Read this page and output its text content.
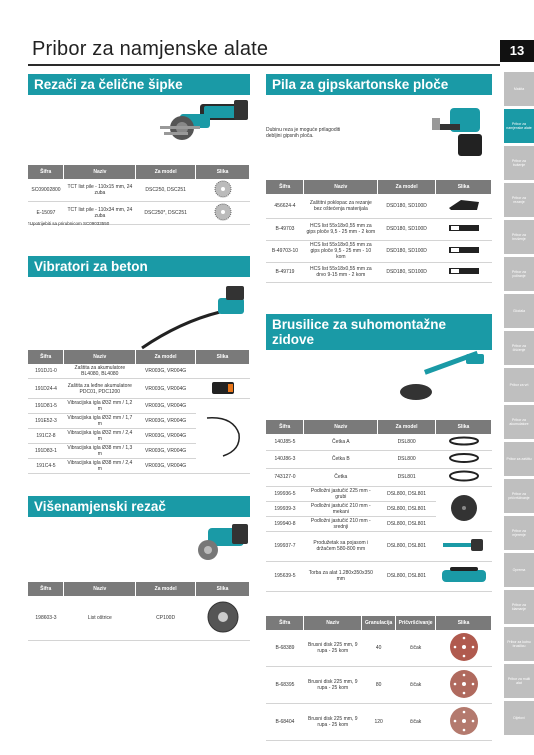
Pribor za namjenske alate	13
Rezači za čelične šipke
Šifra	Naziv	Za model	Slika
SC09002800	TCT list pile - 110x15 mm, 24 zuba	DSC250, DSC251	
E-15097	TCT list pile - 110x34 mm, 24 zuba	DSC250*, DSC251	
*Upotrijebiti sa prirubnicom SC09033550
Vibratori za beton
Šifra	Naziv	Za model	Slika
191DJ1-0	Zaštita za akumulatore BL4080, BL4080	VR003G, VR004G	
191D24-4	Zaštita za leđne akumulatore PDC01, PDC1200	VR003G, VR004G	
191D81-5	Vibracijska igla Ø32 mm / 1,2 m	VR003G, VR004G	
191E52-3	Vibracijska igla Ø32 mm / 1,7 m	VR003G, VR004G	
191C2-8	Vibracijska igla Ø32 mm / 2,4 m	VR003G, VR004G	
191D83-1	Vibracijska igla Ø38 mm / 1,3 m	VR003G, VR004G	
191C4-5	Vibracijska igla Ø38 mm / 2,4 m	VR003G, VR004G	
Višenamjenski rezač
Šifra	Naziv	Za model	Slika
198603-3	List oštrice	CP100D	
Pila za gipskartonske ploče
Dubinu reza je moguće prilagoditi debljini gipsnih ploča.
Šifra	Naziv	Za model	Slika
456624-4	Zaštitni poklopac za rezanje bez oštećenja materijala	DSD180, SD100D	
B-49703	HCS list 55x18x0,55 mm za gips ploče 9,5 - 25 mm - 2 kom	DSD180, SD100D	
B-49703-10	HCS list 55x18x0,55 mm za gips ploče 9,5 - 25 mm - 10 kom	DSD180, SD100D	
B-49719	HCS list 55x18x0,55 mm za drvo 9-15 mm - 2 kom	DSD180, SD100D	
Brusilice za suhomontažne zidove
Šifra	Naziv	Za model	Slika
140J85-5	Četka A	DSL800	
140J86-3	Četka B	DSL800	
743127-0	Četka	DSL801	
199936-5	Podložni jastučić 225 mm - grubi	DSL800, DSL801	
199939-3	Podložni jastučić 210 mm - mekani	DSL800, DSL801	
199940-8	Podložni jastučić 210 mm - srednji	DSL800, DSL801	
199937-7	Produžetak sa pojasom i držačem 580-800 mm	DSL800, DSL801	
195639-5	Torba za alat 1.280x350x350 mm	DSL800, DSL801	
Šifra	Naziv	Granulacija	Pričvršćivanje	Slika
B-68389	Brusni disk 225 mm, 9 rupa - 25 kom	40	čičak	
B-68395	Brusni disk 225 mm, 9 rupa - 25 kom	80	čičak	
B-68404	Brusni disk 225 mm, 9 rupa - 25 kom	120	čičak	
Makita
Pribor za namjenske alate
Pribor za bušenje
Pribor za rezanje
Pribor za brušenje
Pribor za poliranje
Glodala
Pribor za čišćenje
Pribor za vrt
Pribor za akumulatore
Pribor za zaštitu
Pribor za pričvršćivanje
Pribor za mjerenje
Oprema
Pribor za klamanje
Pribor za kutnu brusilicu
Pribor za multi alat
Dijelovi
